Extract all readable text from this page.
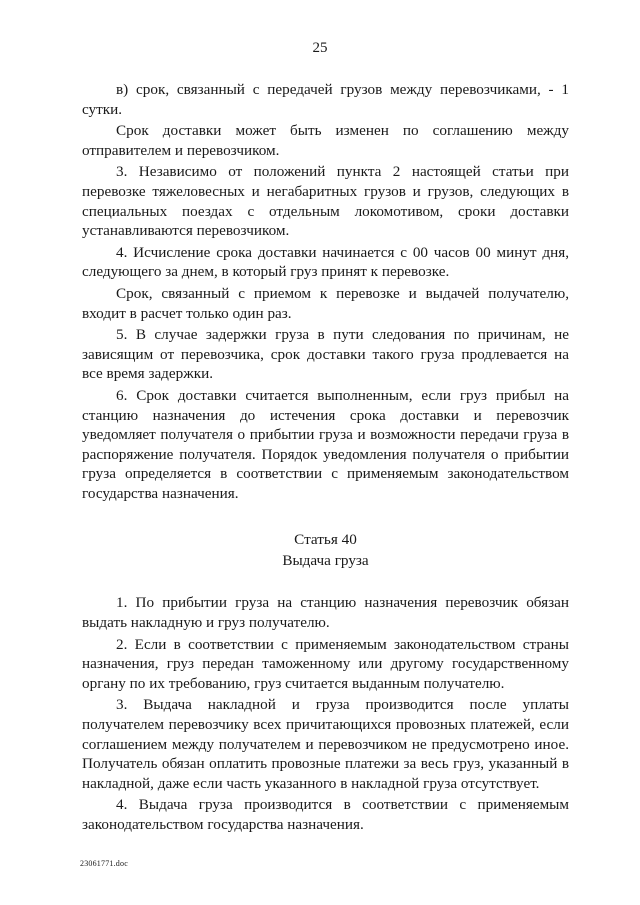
25

в) срок, связанный с передачей грузов между перевозчиками, - 1 сутки.

Срок доставки может быть изменен по соглашению между отправителем и перевозчиком.

3. Независимо от положений пункта 2 настоящей статьи при перевозке тяжеловесных и негабаритных грузов и грузов, следующих в специальных поездах с отдельным локомотивом, сроки доставки устанавливаются перевозчиком.

4. Исчисление срока доставки начинается с 00 часов 00 минут дня, следующего за днем, в который груз принят к перевозке.

Срок, связанный с приемом к перевозке и выдачей получателю, входит в расчет только один раз.

5. В случае задержки груза в пути следования по причинам, не зависящим от перевозчика, срок доставки такого груза продлевается на все время задержки.

6. Срок доставки считается выполненным, если груз прибыл на станцию назначения до истечения срока доставки и перевозчик уведомляет получателя о прибытии груза и возможности передачи груза в распоряжение получателя. Порядок уведомления получателя о прибытии груза определяется в соответствии с применяемым законодательством государства назначения.

Статья 40
Выдача груза

1. По прибытии груза на станцию назначения перевозчик обязан выдать накладную и груз получателю.

2. Если в соответствии с применяемым законодательством страны назначения, груз передан таможенному или другому государственному органу по их требованию, груз считается выданным получателю.

3. Выдача накладной и груза производится после уплаты получателем перевозчику всех причитающихся провозных платежей, если соглашением между получателем и перевозчиком не предусмотрено иное. Получатель обязан оплатить провозные платежи за весь груз, указанный в накладной, даже если часть указанного в накладной груза отсутствует.

4. Выдача груза производится в соответствии с применяемым законодательством государства назначения.

23061771.doc
